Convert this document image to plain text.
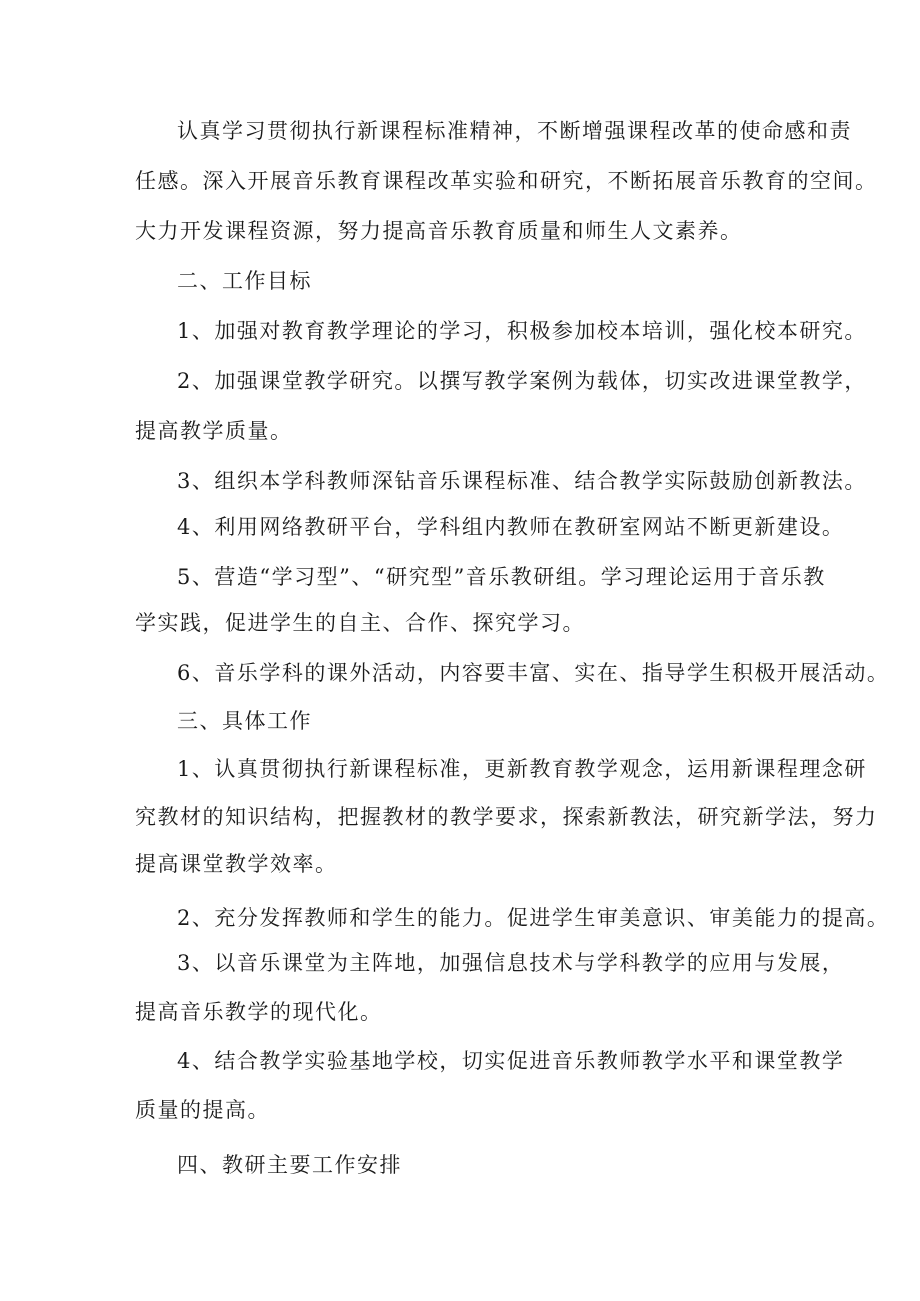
认真学习贯彻执行新课程标准精神，不断增强课程改革的使命感和责
任感。深入开展音乐教育课程改革实验和研究，不断拓展音乐教育的空间。
大力开发课程资源，努力提高音乐教育质量和师生人文素养。
二、工作目标
1、加强对教育教学理论的学习，积极参加校本培训，强化校本研究。
2、加强课堂教学研究。以撰写教学案例为载体，切实改进课堂教学，
提高教学质量。
3、组织本学科教师深钻音乐课程标准、结合教学实际鼓励创新教法。
4、利用网络教研平台，学科组内教师在教研室网站不断更新建设。
5、营造“学习型”、“研究型”音乐教研组。学习理论运用于音乐教
学实践，促进学生的自主、合作、探究学习。
6、音乐学科的课外活动，内容要丰富、实在、指导学生积极开展活动。
三、具体工作
1、认真贯彻执行新课程标准，更新教育教学观念，运用新课程理念研
究教材的知识结构，把握教材的教学要求，探索新教法，研究新学法，努力
提高课堂教学效率。
2、充分发挥教师和学生的能力。促进学生审美意识、审美能力的提高。
3、以音乐课堂为主阵地，加强信息技术与学科教学的应用与发展，
提高音乐教学的现代化。
4、结合教学实验基地学校，切实促进音乐教师教学水平和课堂教学
质量的提高。
四、教研主要工作安排
